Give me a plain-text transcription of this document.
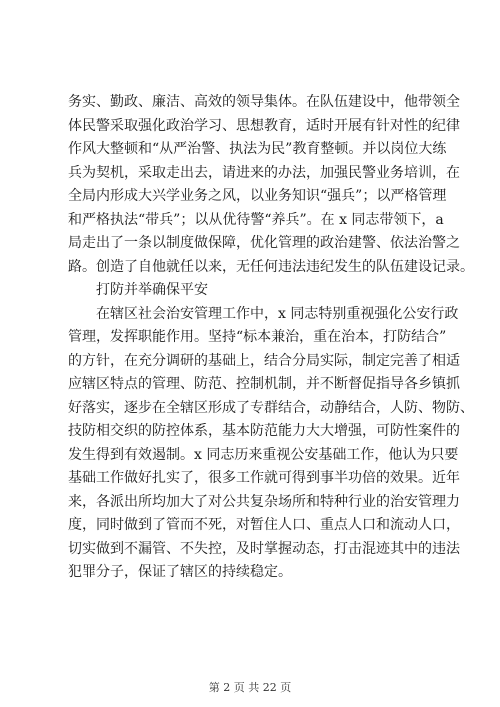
务实、勤政、廉洁、高效的领导集体。在队伍建设中，他带领全
体民警采取强化政治学习、思想教育，适时开展有针对性的纪律
作风大整顿和“从严治警、执法为民”教育整顿。并以岗位大练
兵为契机，采取走出去，请进来的办法，加强民警业务培训，在
全局内形成大兴学业务之风，以业务知识“强兵”；以严格管理
和严格执法“带兵”；以从优待警“养兵”。在 x 同志带领下，a
局走出了一条以制度做保障，优化管理的政治建警、依法治警之
路。创造了自他就任以来，无任何违法违纪发生的队伍建设记录。
打防并举确保平安
在辖区社会治安管理工作中，x 同志特别重视强化公安行政
管理，发挥职能作用。坚持“标本兼治，重在治本，打防结合”
的方针，在充分调研的基础上，结合分局实际，制定完善了相适
应辖区特点的管理、防范、控制机制，并不断督促指导各乡镇抓
好落实，逐步在全辖区形成了专群结合，动静结合，人防、物防、
技防相交织的防控体系，基本防范能力大大增强，可防性案件的
发生得到有效遏制。x 同志历来重视公安基础工作，他认为只要
基础工作做好扎实了，很多工作就可得到事半功倍的效果。近年
来，各派出所均加大了对公共复杂场所和特种行业的治安管理力
度，同时做到了管而不死，对暂住人口、重点人口和流动人口，
切实做到不漏管、不失控，及时掌握动态，打击混迹其中的违法
犯罪分子，保证了辖区的持续稳定。
第 2 页 共 22 页
